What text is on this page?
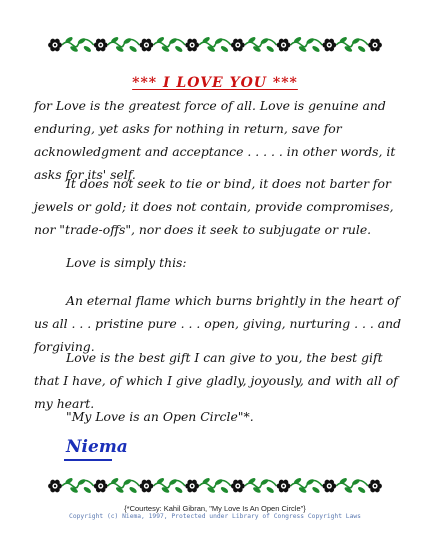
*** I LOVE YOU ***

for Love is the greatest force of all. Love is genuine and enduring, yet asks for nothing in return, save for acknowledgment and acceptance . . . . . in other words, it asks for its' self.

It does not seek to tie or bind, it does not barter for jewels or gold; it does not contain, provide compromises, nor "trade-offs", nor does it seek to subjugate or rule.

Love is simply this:

An eternal flame which burns brightly in the heart of us all . . . pristine pure . . . open, giving, nurturing . . . and forgiving.

Love is the best gift I can give to you, the best gift that I have, of which I give gladly, joyously, and with all of my heart.

"My Love is an Open Circle"*.

Niema
{*Courtesy: Kahil Gibran, "My Love Is An Open Circle"}
Copyright (c) Niema, 1997, Protected under Library of Congress Copyright Laws
